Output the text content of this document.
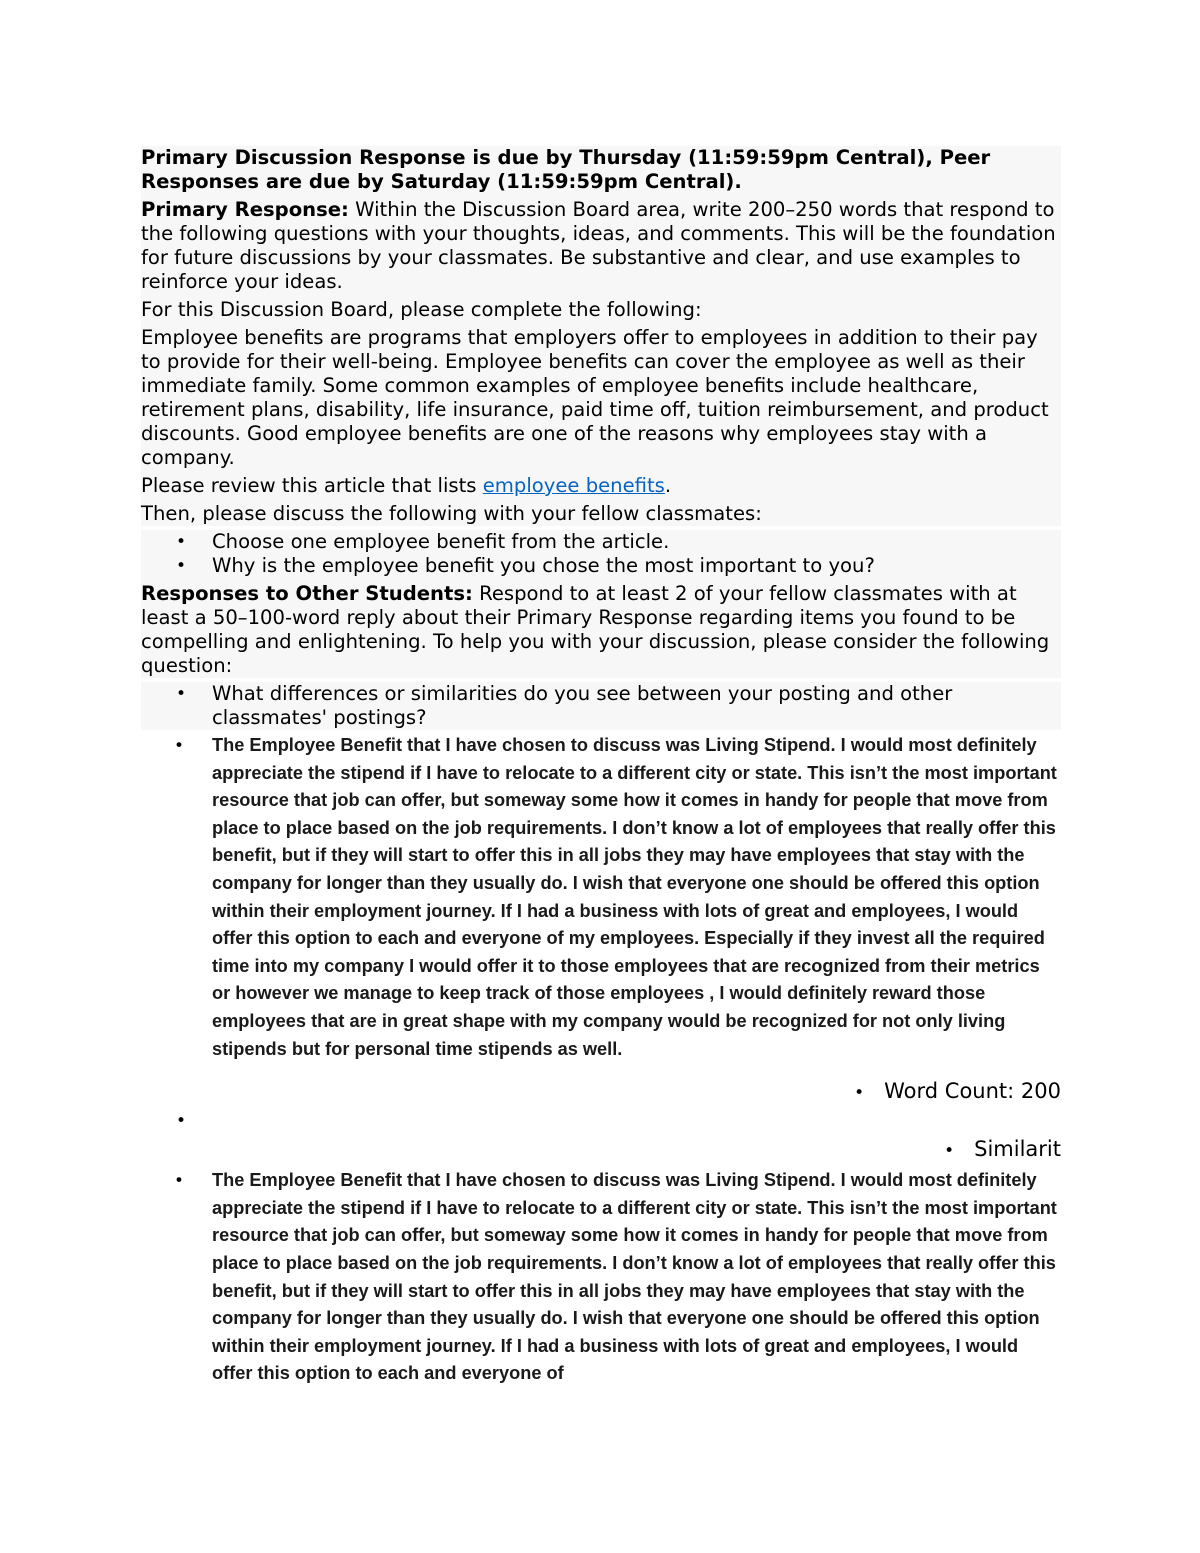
Primary Discussion Response is due by Thursday (11:59:59pm Central), Peer Responses are due by Saturday (11:59:59pm Central).

Primary Response: Within the Discussion Board area, write 200–250 words that respond to the following questions with your thoughts, ideas, and comments. This will be the foundation for future discussions by your classmates. Be substantive and clear, and use examples to reinforce your ideas.

For this Discussion Board, please complete the following:

Employee benefits are programs that employers offer to employees in addition to their pay to provide for their well-being. Employee benefits can cover the employee as well as their immediate family. Some common examples of employee benefits include healthcare, retirement plans, disability, life insurance, paid time off, tuition reimbursement, and product discounts. Good employee benefits are one of the reasons why employees stay with a company.

Please review this article that lists employee benefits.

Then, please discuss the following with your fellow classmates:

• Choose one employee benefit from the article.
• Why is the employee benefit you chose the most important to you?

Responses to Other Students: Respond to at least 2 of your fellow classmates with at least a 50–100-word reply about their Primary Response regarding items you found to be compelling and enlightening. To help you with your discussion, please consider the following question:

• What differences or similarities do you see between your posting and other classmates' postings?
• The Employee Benefit that I have chosen to discuss was Living Stipend. I would most definitely appreciate the stipend if I have to relocate to a different city or state. This isn’t the most important resource that job can offer, but someway some how it comes in handy for people that move from place to place based on the job requirements. I don’t know a lot of employees that really offer this benefit, but if they will start to offer this in all jobs they may have employees that stay with the company for longer than they usually do. I wish that everyone one should be offered this option within their employment journey. If I had a business with lots of great and employees, I would offer this option to each and everyone of my employees. Especially if they invest all the required time into my company I would offer it to those employees that are recognized from their metrics or however we manage to keep track of those employees , I would definitely reward those employees that are in great shape with my company would be recognized for not only living stipends but for personal time stipends as well.
• Word Count: 200
•
• Similarit
• The Employee Benefit that I have chosen to discuss was Living Stipend. I would most definitely appreciate the stipend if I have to relocate to a different city or state. This isn’t the most important resource that job can offer, but someway some how it comes in handy for people that move from place to place based on the job requirements. I don’t know a lot of employees that really offer this benefit, but if they will start to offer this in all jobs they may have employees that stay with the company for longer than they usually do. I wish that everyone one should be offered this option within their employment journey. If I had a business with lots of great and employees, I would offer this option to each and everyone of
